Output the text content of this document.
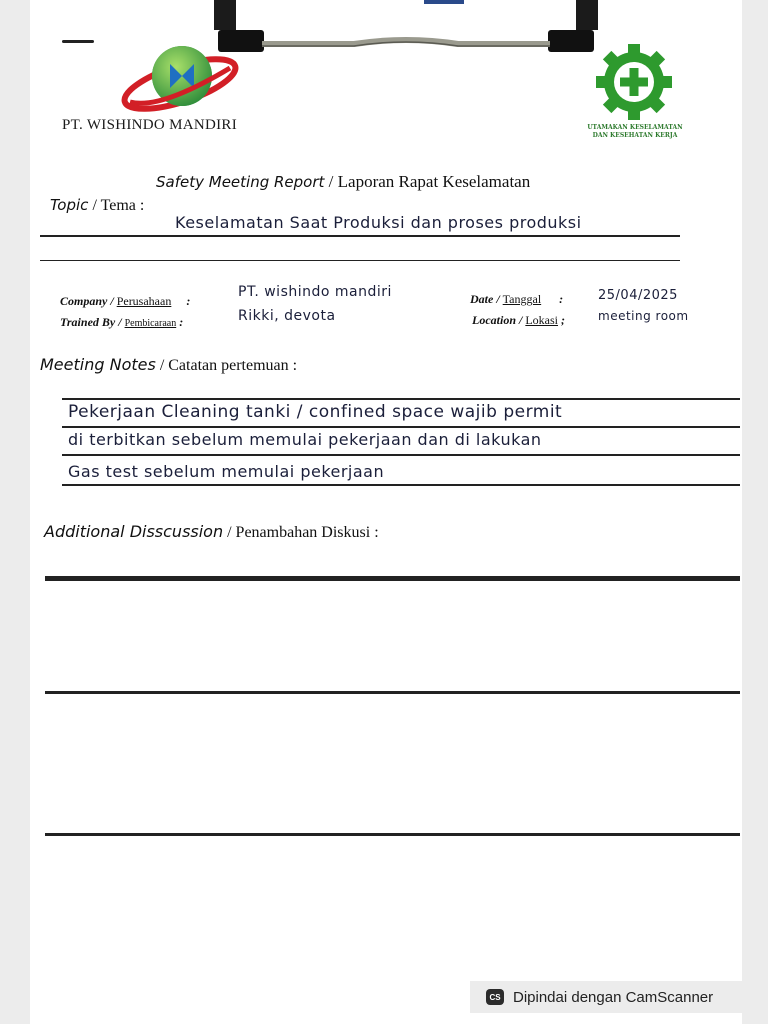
PT. WISHINDO MANDIRI	UTAMAKAN KESELAMATAN DAN KESEHATAN KERJA
Safety Meeting Report / Laporan Rapat Keselamatan
Topic / Tema :
Keselamatan Saat Produksi dan proses produksi
Company / Perusahaan     :
PT. wishindo mandiri
Trained By / Pembicaraan :	Rikki, devota
Date / Tanggal      :	25/04/2025
Location / Lokasi ;	meeting room
Meeting Notes / Catatan pertemuan :
Pekerjaan Cleaning tanki / confined space wajib permit
di terbitkan sebelum memulai pekerjaan dan di lakukan
Gas test sebelum memulai pekerjaan
Additional Disscussion / Penambahan Diskusi :
CS Dipindai dengan CamScanner
